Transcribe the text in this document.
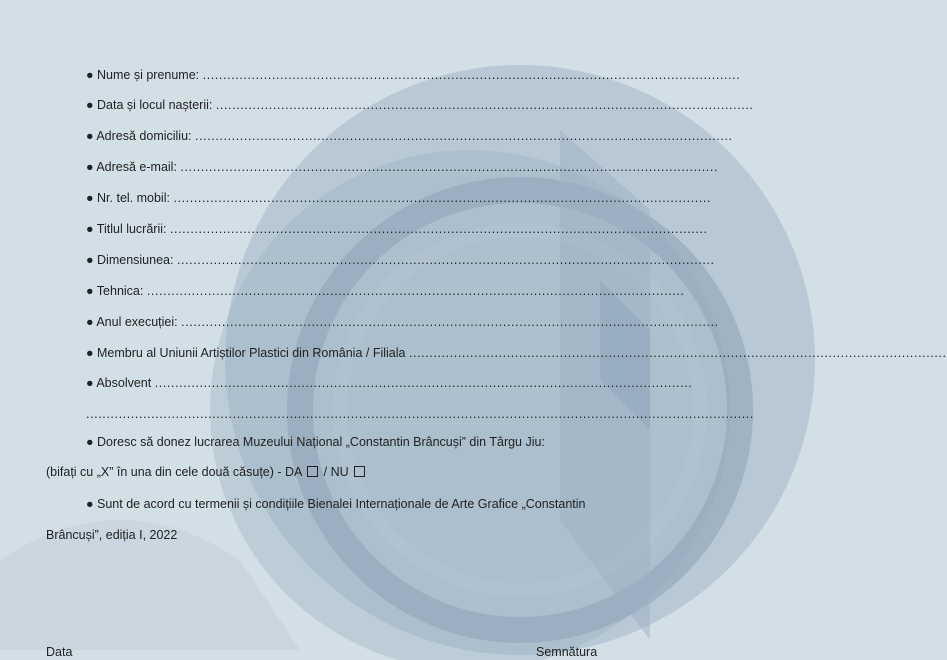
● Nume și prenume: ....................................................................................................................................
● Data și locul nașterii: ....................................................................................................................................
● Adresă domiciliu: ....................................................................................................................................
● Adresă e-mail: ....................................................................................................................................
● Nr. tel. mobil: ....................................................................................................................................
● Titlul lucrării: ....................................................................................................................................
● Dimensiunea: ....................................................................................................................................
● Tehnica: ....................................................................................................................................
● Anul execuției: ....................................................................................................................................
● Membru al Uniunii Artiștilor Plastici din România / Filiala ....................................................................................................................................
● Absolvent ....................................................................................................................................
....................................................................................................................................................................
● Doresc să donez lucrarea Muzeului Național „Constantin Brâncuși” din Târgu Jiu:
(bifați cu „X” în una din cele două căsuțe) - DA / NU
● Sunt de acord cu termenii și condițiile Bienalei Internaționale de Arte Grafice „Constantin
Brâncuși”, ediția I, 2022
Data	Semnătura
